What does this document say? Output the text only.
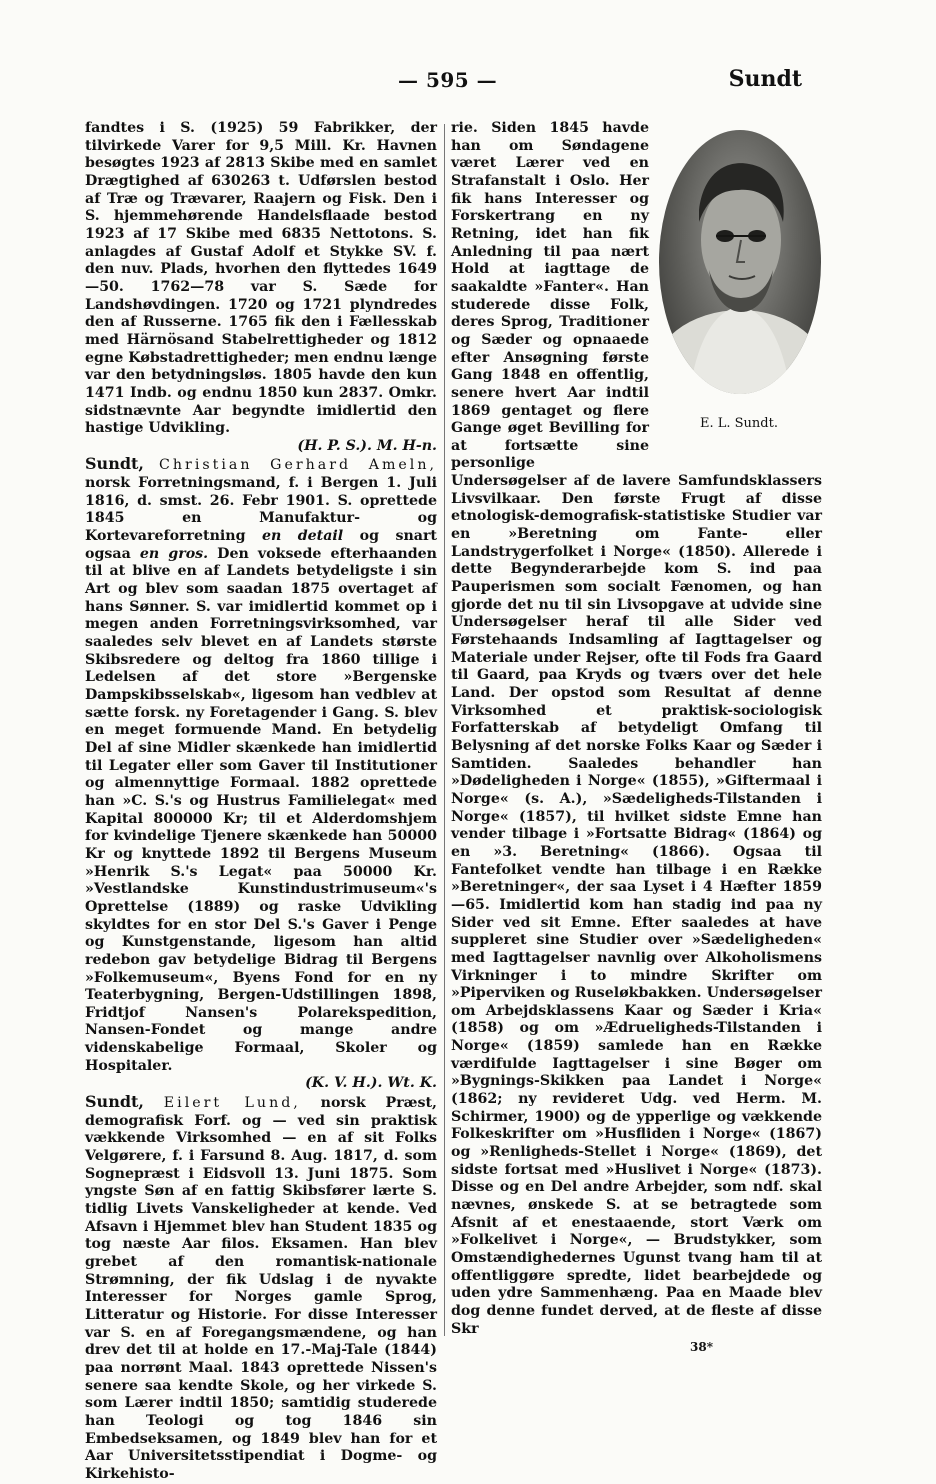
— 595 —	Sundt

fandtes i S. (1925) 59 Fabrikker, der tilvirkede Varer for 9,5 Mill. Kr. Havnen besøgtes 1923 af 2813 Skibe med en samlet Drægtighed af 630263 t. Udførslen bestod af Træ og Trævarer, Raajern og Fisk. Den i S. hjemmehørende Handelsflaade bestod 1923 af 17 Skibe med 6835 Nettotons. S. anlagdes af Gustaf Adolf et Stykke SV. f. den nuv. Plads, hvorhen den flyttedes 1649—50. 1762—78 var S. Sæde for Landshøvdingen. 1720 og 1721 plyndredes den af Russerne. 1765 fik den i Fællesskab med Härnösand Stabelrettigheder og 1812 egne Købstadrettigheder; men endnu længe var den betydningsløs. 1805 havde den kun 1471 Indb. og endnu 1850 kun 2837. Omkr. sidstnævnte Aar begyndte imidlertid den hastige Udvikling.

(H. P. S.). M. H-n.

Sundt, Christian Gerhard Ameln, norsk Forretningsmand, f. i Bergen 1. Juli 1816, d. smst. 26. Febr 1901. S. oprettede 1845 en Manufaktur- og Kortevareforretning en detail og snart ogsaa en gros. Den voksede efterhaanden til at blive en af Landets betydeligste i sin Art og blev som saadan 1875 overtaget af hans Sønner. S. var imidlertid kommet op i megen anden Forretningsvirksomhed, var saaledes selv blevet en af Landets største Skibsredere og deltog fra 1860 tillige i Ledelsen af det store »Bergenske Dampskibsselskab«, ligesom han vedblev at sætte forsk. ny Foretagender i Gang. S. blev en meget formuende Mand. En betydelig Del af sine Midler skænkede han imidlertid til Legater eller som Gaver til Institutioner og almennyttige Formaal. 1882 oprettede han »C. S.'s og Hustrus Familielegat« med Kapital 800000 Kr; til et Alderdomshjem for kvindelige Tjenere skænkede han 50000 Kr og knyttede 1892 til Bergens Museum »Henrik S.'s Legat« paa 50000 Kr. »Vestlandske Kunstindustrimuseum«'s Oprettelse (1889) og raske Udvikling skyldtes for en stor Del S.'s Gaver i Penge og Kunstgenstande, ligesom han altid redebon gav betydelige Bidrag til Bergens »Folkemuseum«, Byens Fond for en ny Teaterbygning, Bergen-Udstillingen 1898, Fridtjof Nansen's Polarekspedition, Nansen-Fondet og mange andre videnskabelige Formaal, Skoler og Hospitaler.

(K. V. H.). Wt. K.

Sundt, Eilert Lund, norsk Præst, demografisk Forf. og — ved sin praktisk vækkende Virksomhed — en af sit Folks Velgørere, f. i Farsund 8. Aug. 1817, d. som Sognepræst i Eidsvoll 13. Juni 1875. Som yngste Søn af en fattig Skibsfører lærte S. tidlig Livets Vanskeligheder at kende. Ved Afsavn i Hjemmet blev han Student 1835 og tog næste Aar filos. Eksamen. Han blev grebet af den romantisk-nationale Strømning, der fik Udslag i de nyvakte Interesser for Norges gamle Sprog, Litteratur og Historie. For disse Interesser var S. en af Foregangsmændene, og han drev det til at holde en 17.-Maj-Tale (1844) paa norrønt Maal. 1843 oprettede Nissen's senere saa kendte Skole, og her virkede S. som Lærer indtil 1850; samtidig studerede han Teologi og tog 1846 sin Embedseksamen, og 1849 blev han for et Aar Universitetsstipendiat i Dogme- og Kirkehisto-

E. L. Sundt.

rie. Siden 1845 havde han om Søndagene været Lærer ved en Strafanstalt i Oslo. Her fik hans Interesser og Forskertrang en ny Retning, idet han fik Anledning til paa nært Hold at iagttage de saakaldte »Fanter«. Han studerede disse Folk, deres Sprog, Traditioner og Sæder og opnaaede efter Ansøgning første Gang 1848 en offentlig, senere hvert Aar indtil 1869 gentaget og flere Gange øget Bevilling for at fortsætte sine personlige Undersøgelser af de lavere Samfundsklassers Livsvilkaar. Den første Frugt af disse etnologisk-demografisk-statistiske Studier var en »Beretning om Fante- eller Landstrygerfolket i Norge« (1850). Allerede i dette Begynderarbejde kom S. ind paa Pauperismen som socialt Fænomen, og han gjorde det nu til sin Livsopgave at udvide sine Undersøgelser heraf til alle Sider ved Førstehaands Indsamling af Iagttagelser og Materiale under Rejser, ofte til Fods fra Gaard til Gaard, paa Kryds og tværs over det hele Land. Der opstod som Resultat af denne Virksomhed et praktisk-sociologisk Forfatterskab af betydeligt Omfang til Belysning af det norske Folks Kaar og Sæder i Samtiden. Saaledes behandler han »Dødeligheden i Norge« (1855), »Giftermaal i Norge« (s. A.), »Sædeligheds-Tilstanden i Norge« (1857), til hvilket sidste Emne han vender tilbage i »Fortsatte Bidrag« (1864) og en »3. Beretning« (1866). Ogsaa til Fantefolket vendte han tilbage i en Række »Beretninger«, der saa Lyset i 4 Hæfter 1859—65. Imidlertid kom han stadig ind paa ny Sider ved sit Emne. Efter saaledes at have suppleret sine Studier over »Sædeligheden« med Iagttagelser navnlig over Alkoholismens Virkninger i to mindre Skrifter om »Piperviken og Ruseløkbakken. Undersøgelser om Arbejdsklassens Kaar og Sæder i Kria« (1858) og om »Ædrueligheds-Tilstanden i Norge« (1859) samlede han en Række værdifulde Iagttagelser i sine Bøger om »Bygnings-Skikken paa Landet i Norge« (1862; ny revideret Udg. ved Herm. M. Schirmer, 1900) og de ypperlige og vækkende Folkeskrifter om »Husfliden i Norge« (1867) og »Renligheds-Stellet i Norge« (1869), det sidste fortsat med »Huslivet i Norge« (1873). Disse og en Del andre Arbejder, som ndf. skal nævnes, ønskede S. at se betragtede som Afsnit af et enestaaende, stort Værk om »Folkelivet i Norge«, — Brudstykker, som Omstændighedernes Ugunst tvang ham til at offentliggøre spredte, lidet bearbejdede og uden ydre Sammenhæng. Paa en Maade blev dog denne fundet derved, at de fleste af disse Skr

38*
